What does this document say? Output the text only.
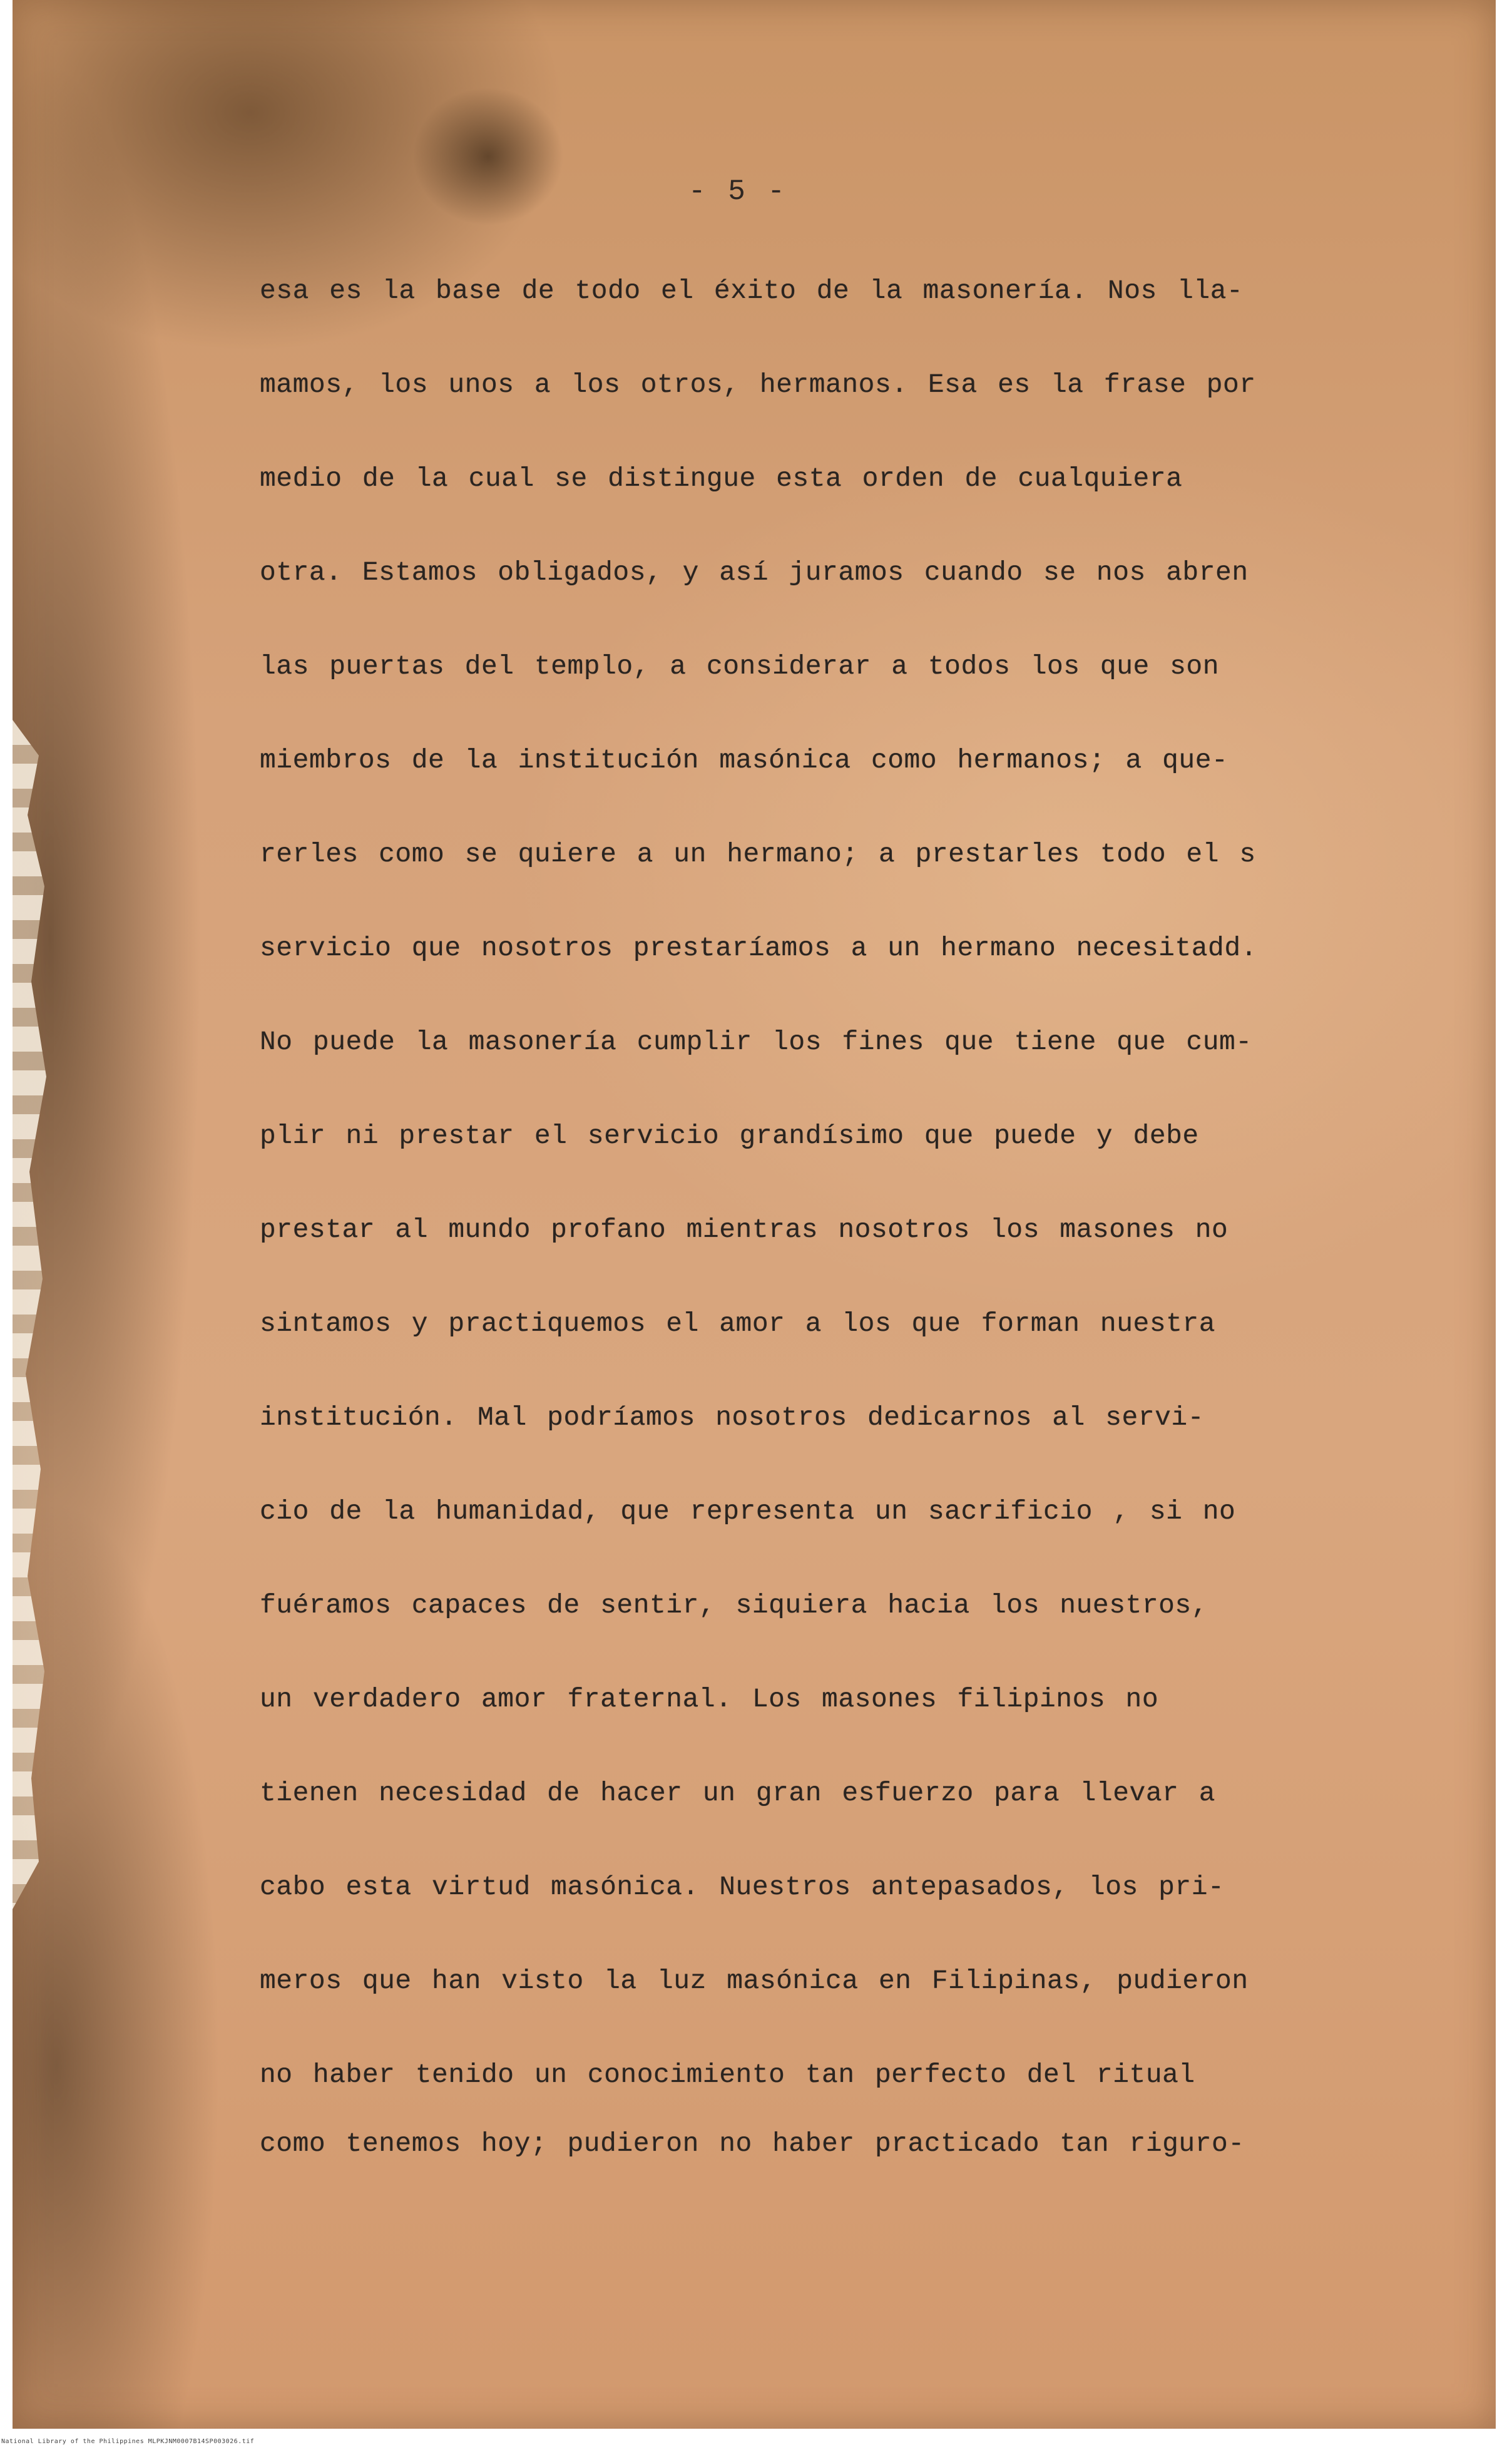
- 5 -
esa es la base de todo el éxito de la masonería. Nos lla-
mamos, los unos a los otros, hermanos. Esa es la frase por
medio de la cual se distingue esta orden de cualquiera
otra. Estamos obligados, y así juramos cuando se nos abren
las puertas del templo, a considerar a todos los que son
miembros de la institución masónica como hermanos; a que-
rerles como se quiere a un hermano; a prestarles todo el s
servicio que nosotros prestaríamos a un hermano necesitadd.
No puede la masonería cumplir los fines que tiene que cum-
plir ni prestar el servicio grandísimo que puede y debe
prestar al mundo profano mientras nosotros los masones no
sintamos y practiquemos el amor a los que forman nuestra
institución. Mal podríamos nosotros dedicarnos al servi-
cio de la humanidad, que representa un sacrificio , si no
fuéramos capaces de sentir, siquiera hacia los nuestros,
un verdadero amor fraternal. Los masones filipinos no
tienen necesidad de hacer un gran esfuerzo para llevar a
cabo esta virtud masónica. Nuestros antepasados, los pri-
meros que han visto la luz masónica en Filipinas, pudieron
no haber tenido un conocimiento tan perfecto del ritual
como tenemos hoy; pudieron no haber practicado tan riguro-
National Library of the Philippines MLPKJNM0007B14SP003026.tif
